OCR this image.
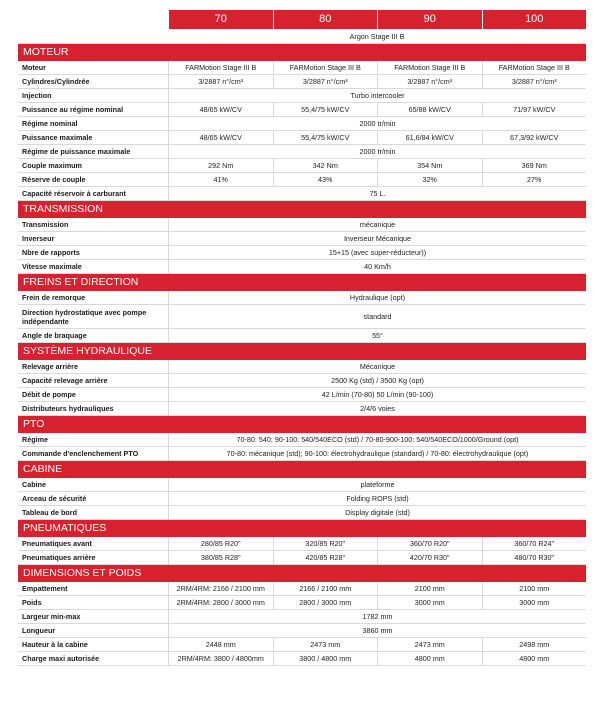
70	80	90	100
Argon Stage III B
MOTEUR
Moteur	FARMotion Stage III B	FARMotion Stage III B	FARMotion Stage III B	FARMotion Stage III B
Cylindres/Cylindrée	3/2887 n°/cm³	3/2887 n°/cm³	3/2887 n°/cm³	3/2887 n°/cm³
Injection	Turbo intercooler
Puissance au régime nominal	48/65 kW/CV	55,4/75 kW/CV	65/88 kW/CV	71/97 kW/CV
Régime nominal	2000 tr/min
Puissance maximale	48/65 kW/CV	55,4/75 kW/CV	61,6/84 kW/CV	67,3/92 kW/CV
Régime de puissance maximale	2000 tr/min
Couple maximum	292 Nm	342 Nm	354 Nm	369 Nm
Réserve de couple	41%	43%	32%	27%
Capacité réservoir à carburant	75 L.
TRANSMISSION
Transmission	mécanique
Inverseur	Inverseur Mécanique
Nbre de rapports	15+15 (avec super-réducteur))
Vitesse maximale	40 Km/h
FREINS ET DIRECTION
Frein de remorque	Hydraulique (opt)
Direction hydrostatique avec pompe indépendante	standard
Angle de braquage	55°
SYSTÈME HYDRAULIQUE
Relevage arrière	Mécanique
Capacité relevage arrière	2500 Kg (std) / 3500 Kg (opt)
Débit de pompe	42 L/min (70-80) 50 L/min (90-100)
Distributeurs hydrauliques	2/4/6 voies
PTO
Régime	70-80: 540; 90-100: 540/540ECO (std) / 70-80-900-100: 540/540ECO/1000/Ground (opt)
Commande d'enclenchement PTO	70-80: mécanique (std); 90-100: électrohydraulique (standard) / 70-80: électrohydraulique (opt)
CABINE
Cabine	plateforme
Arceau de sécurité	Folding ROPS (std)
Tableau de bord	Display digitale (std)
PNEUMATIQUES
Pneumatiques avant	280/85 R20"	320/85 R20"	360/70 R20"	360/70 R24"
Pneumatiques arrière	380/85 R28"	420/85 R28"	420/70 R30"	480/70 R30"
DIMENSIONS ET POIDS
Empattement	2RM/4RM: 2166 / 2100 mm	2166 / 2100 mm	2100 mm	2100 mm
Poids	2RM/4RM: 2800 / 3000 mm	2800 / 3000 mm	3000 mm	3000 mm
Largeur min-max	1782 mm
Longueur	3860 mm
Hauteur à la cabine	2448 mm	2473 mm	2473 mm	2498 mm
Charge maxi autorisée	2RM/4RM: 3800 / 4800mm	3800 / 4800 mm	4800 mm	4800 mm
